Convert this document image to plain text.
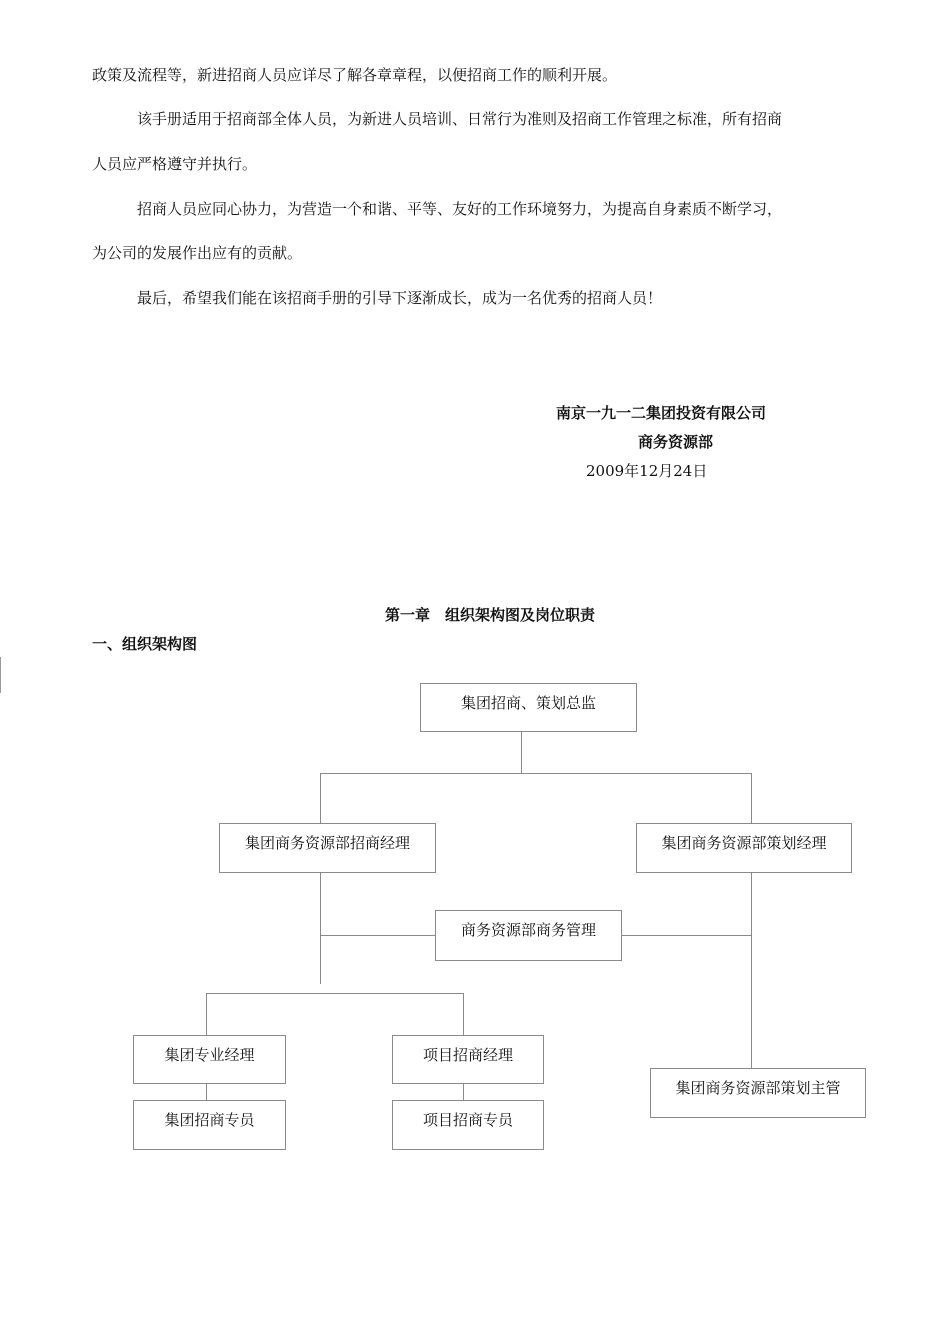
政策及流程等，新进招商人员应详尽了解各章章程，以便招商工作的顺利开展。
该手册适用于招商部全体人员，为新进人员培训、日常行为准则及招商工作管理之标准，所有招商
人员应严格遵守并执行。
招商人员应同心协力，为营造一个和谐、平等、友好的工作环境努力，为提高自身素质不断学习，
为公司的发展作出应有的贡献。
最后，希望我们能在该招商手册的引导下逐渐成长，成为一名优秀的招商人员！
南京一九一二集团投资有限公司
商务资源部
2009年12月24日
第一章　组织架构图及岗位职责
一、组织架构图
集团招商、策划总监
集团商务资源部招商经理	集团商务资源部策划经理
商务资源部商务管理
集团专业经理	项目招商经理
集团招商专员	项目招商专员
集团商务资源部策划主管
